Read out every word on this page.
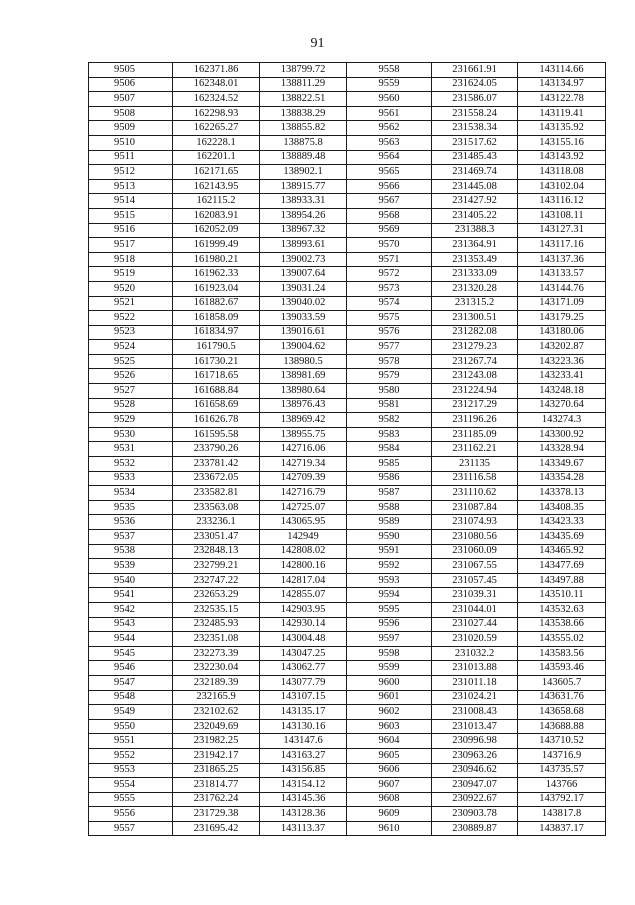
91
9505	162371.86	138799.72	9558	231661.91	143114.66
9506	162348.01	138811.29	9559	231624.05	143134.97
9507	162324.52	138822.51	9560	231586.07	143122.78
9508	162298.93	138838.29	9561	231558.24	143119.41
9509	162265.27	138855.82	9562	231538.34	143135.92
9510	162228.1	138875.8	9563	231517.62	143155.16
9511	162201.1	138889.48	9564	231485.43	143143.92
9512	162171.65	138902.1	9565	231469.74	143118.08
9513	162143.95	138915.77	9566	231445.08	143102.04
9514	162115.2	138933.31	9567	231427.92	143116.12
9515	162083.91	138954.26	9568	231405.22	143108.11
9516	162052.09	138967.32	9569	231388.3	143127.31
9517	161999.49	138993.61	9570	231364.91	143117.16
9518	161980.21	139002.73	9571	231353.49	143137.36
9519	161962.33	139007.64	9572	231333.09	143133.57
9520	161923.04	139031.24	9573	231320.28	143144.76
9521	161882.67	139040.02	9574	231315.2	143171.09
9522	161858.09	139033.59	9575	231300.51	143179.25
9523	161834.97	139016.61	9576	231282.08	143180.06
9524	161790.5	139004.62	9577	231279.23	143202.87
9525	161730.21	138980.5	9578	231267.74	143223.36
9526	161718.65	138981.69	9579	231243.08	143233.41
9527	161688.84	138980.64	9580	231224.94	143248.18
9528	161658.69	138976.43	9581	231217.29	143270.64
9529	161626.78	138969.42	9582	231196.26	143274.3
9530	161595.58	138955.75	9583	231185.09	143300.92
9531	233790.26	142716.06	9584	231162.21	143328.94
9532	233781.42	142719.34	9585	231135	143349.67
9533	233672.05	142709.39	9586	231116.58	143354.28
9534	233582.81	142716.79	9587	231110.62	143378.13
9535	233563.08	142725.07	9588	231087.84	143408.35
9536	233236.1	143065.95	9589	231074.93	143423.33
9537	233051.47	142949	9590	231080.56	143435.69
9538	232848.13	142808.02	9591	231060.09	143465.92
9539	232799.21	142800.16	9592	231067.55	143477.69
9540	232747.22	142817.04	9593	231057.45	143497.88
9541	232653.29	142855.07	9594	231039.31	143510.11
9542	232535.15	142903.95	9595	231044.01	143532.63
9543	232485.93	142930.14	9596	231027.44	143538.66
9544	232351.08	143004.48	9597	231020.59	143555.02
9545	232273.39	143047.25	9598	231032.2	143583.56
9546	232230.04	143062.77	9599	231013.88	143593.46
9547	232189.39	143077.79	9600	231011.18	143605.7
9548	232165.9	143107.15	9601	231024.21	143631.76
9549	232102.62	143135.17	9602	231008.43	143658.68
9550	232049.69	143130.16	9603	231013.47	143688.88
9551	231982.25	143147.6	9604	230996.98	143710.52
9552	231942.17	143163.27	9605	230963.26	143716.9
9553	231865.25	143156.85	9606	230946.62	143735.57
9554	231814.77	143154.12	9607	230947.07	143766
9555	231762.24	143145.36	9608	230922.67	143792.17
9556	231729.38	143128.36	9609	230903.78	143817.8
9557	231695.42	143113.37	9610	230889.87	143837.17
